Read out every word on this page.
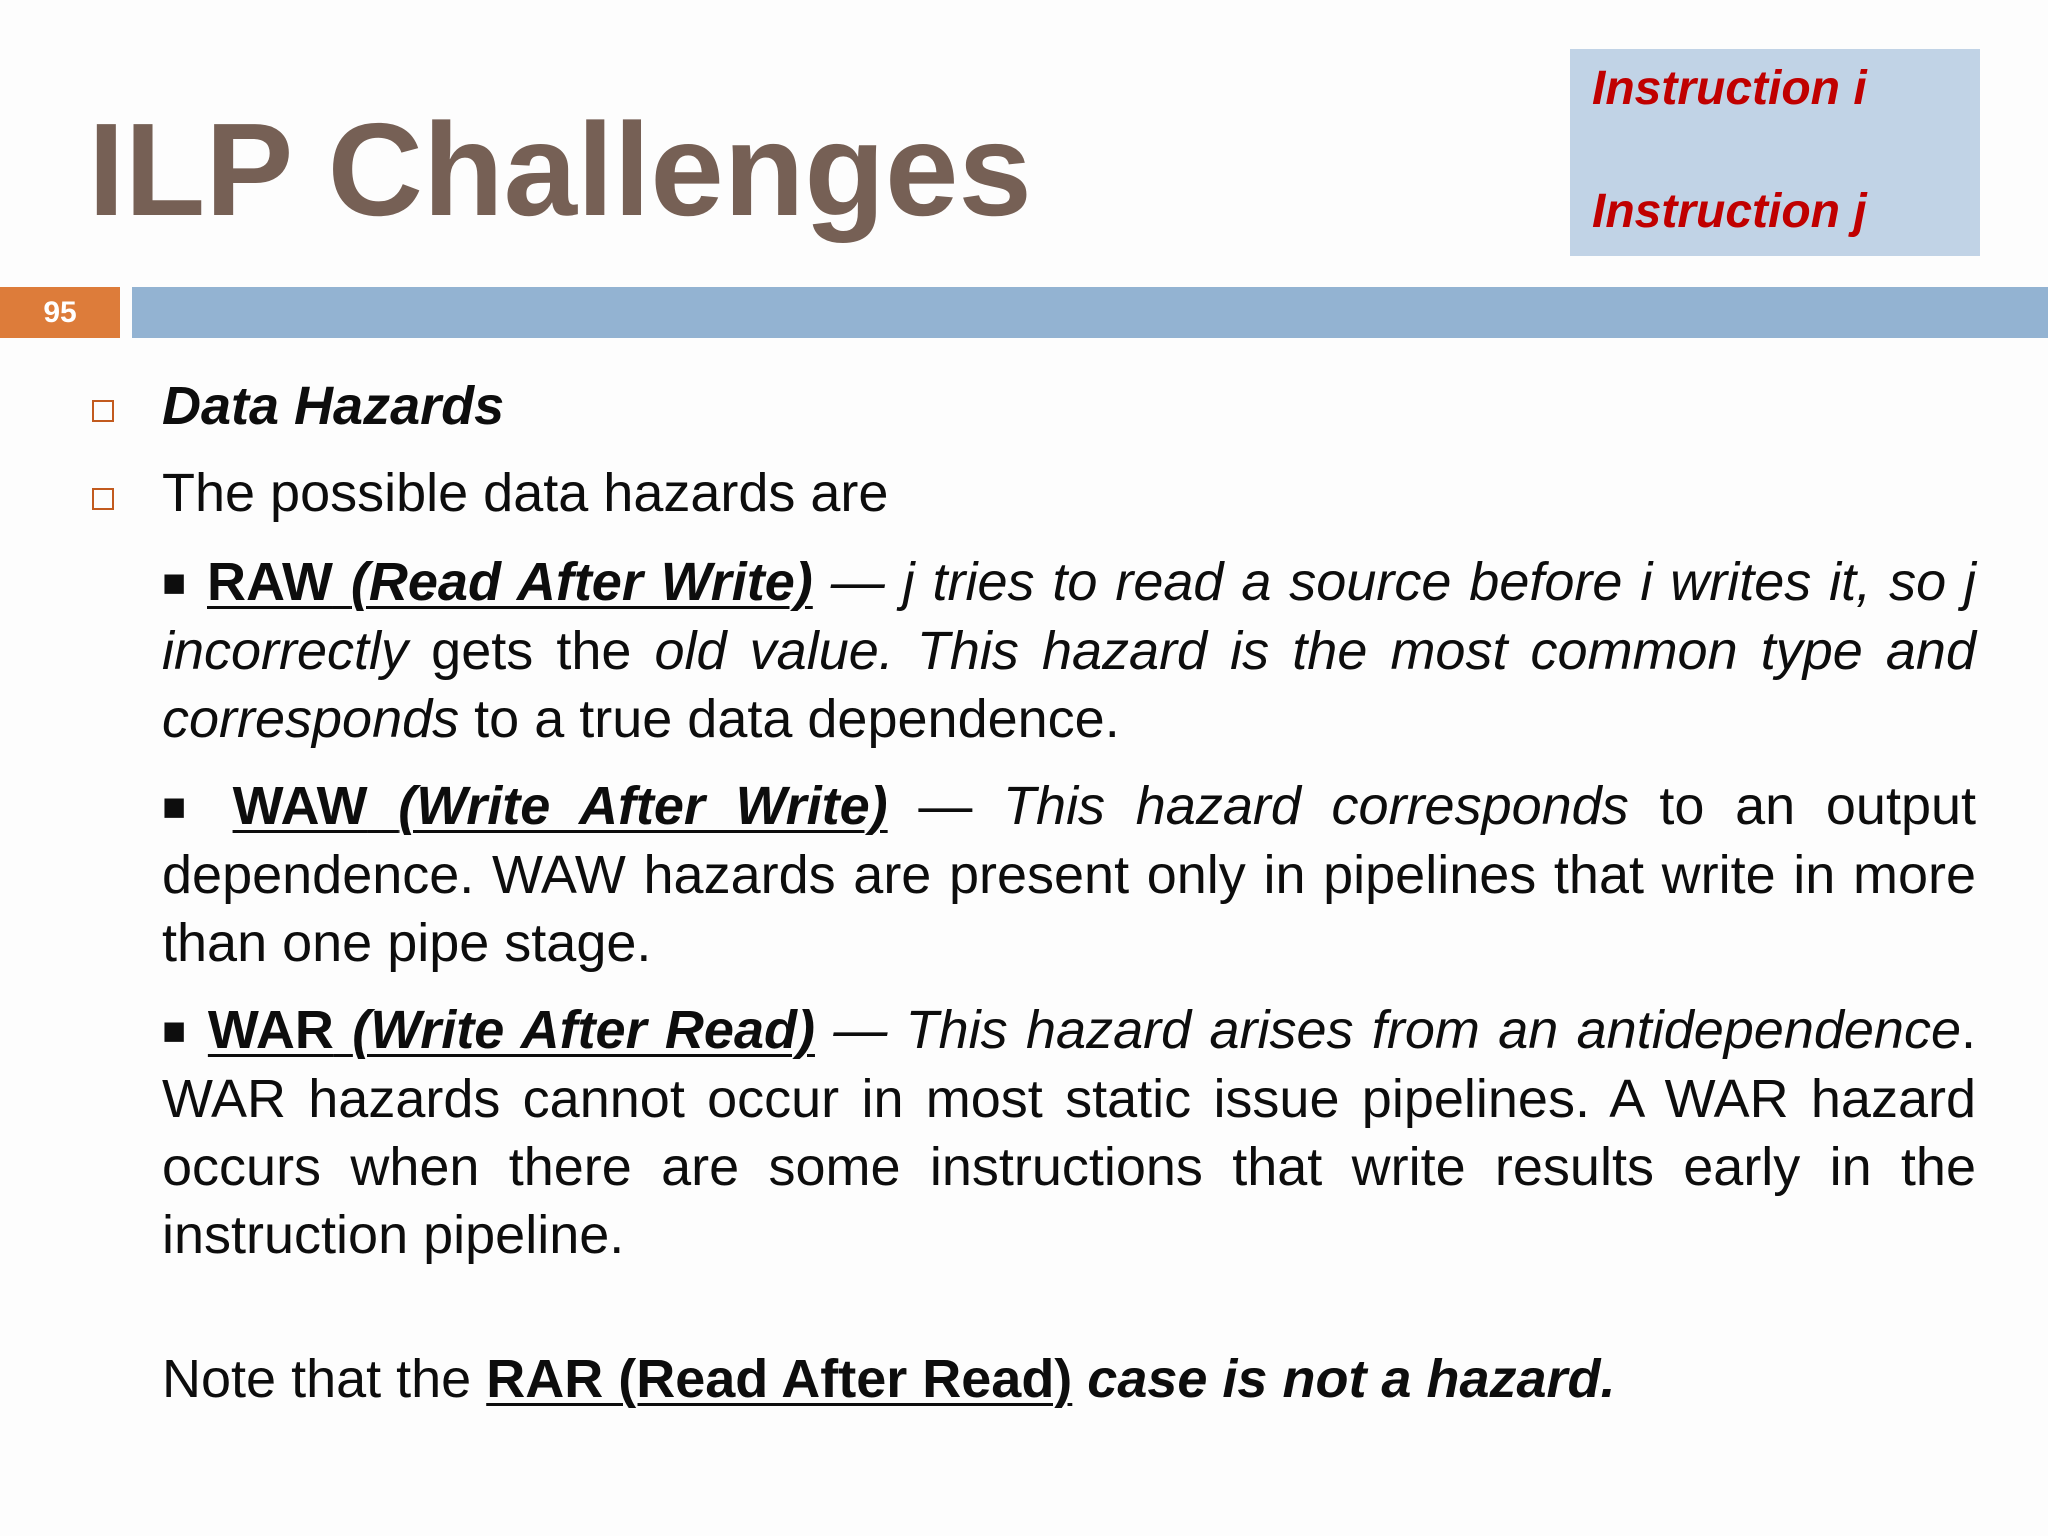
ILP Challenges
Instruction i
Instruction j
95

Data Hazards

The possible data hazards are

■ RAW (Read After Write) — j tries to read a source before i writes it, so j incorrectly gets the old value. This hazard is the most common type and corresponds to a true data dependence.

■ WAW (Write After Write) — This hazard corresponds to an output dependence. WAW hazards are present only in pipelines that write in more than one pipe stage.

■ WAR (Write After Read) — This hazard arises from an antidependence. WAR hazards cannot occur in most static issue pipelines. A WAR hazard occurs when there are some instructions that write results early in the instruction pipeline.

Note that the RAR (Read After Read) case is not a hazard.
